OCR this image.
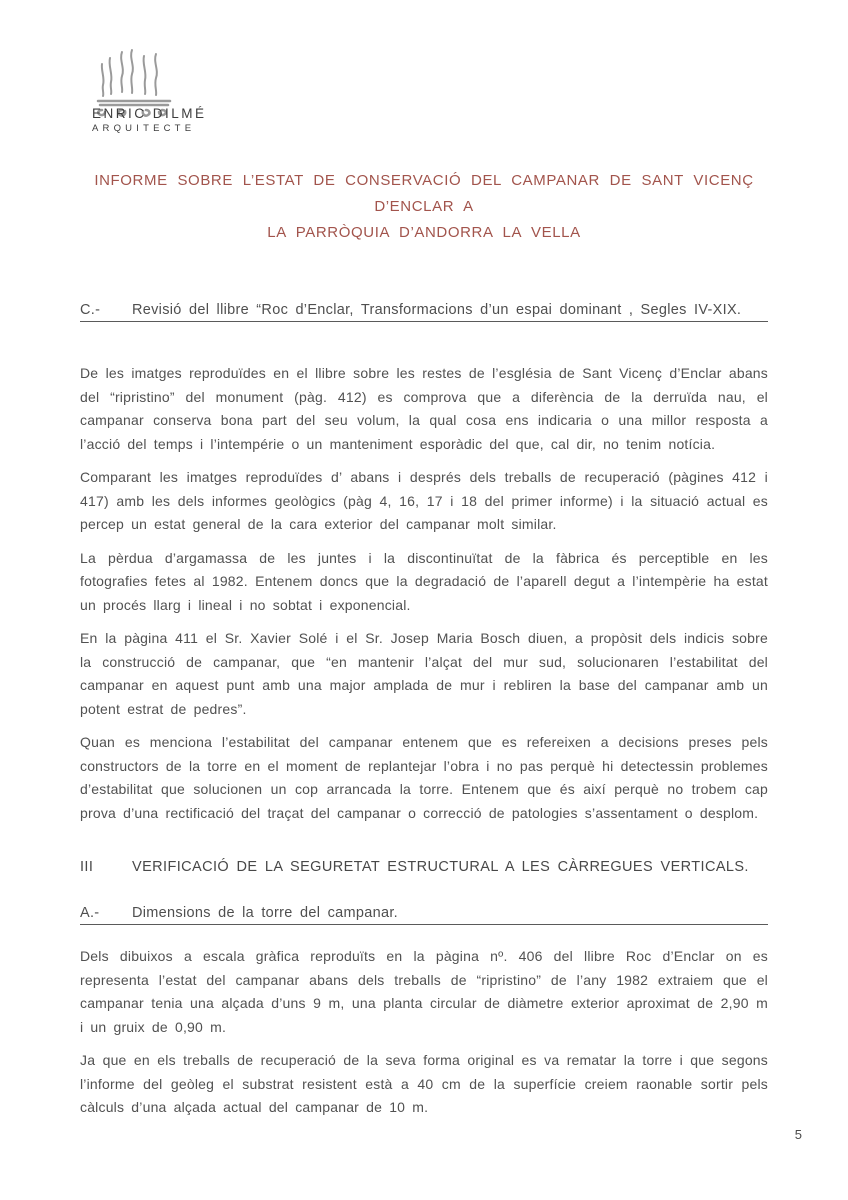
ENRIC DILMÉ
ARQUITECTE
INFORME SOBRE L’ESTAT DE CONSERVACIÓ DEL CAMPANAR DE SANT VICENÇ D’ENCLAR A
LA PARRÒQUIA D’ANDORRA LA VELLA
C.-	Revisió del llibre “Roc d’Enclar, Transformacions d’un espai dominant , Segles IV-XIX.

De les imatges reproduïdes en el llibre sobre les restes de l’església de Sant Vicenç d’Enclar abans del “ripristino” del monument (pàg. 412) es comprova que a diferència de la derruïda nau, el campanar conserva bona part del seu volum, la qual cosa ens indicaria o una millor resposta a l’acció del temps i l’intempérie o un manteniment esporàdic del que, cal dir, no tenim notícia.

Comparant les imatges reproduïdes d’ abans i després dels treballs de recuperació (pàgines 412 i 417) amb les dels informes geològics (pàg 4, 16, 17 i 18 del primer informe) i la situació actual es percep un estat general de la cara exterior del campanar molt similar.

La pèrdua d’argamassa de les juntes i la discontinuïtat de la fàbrica és perceptible en les fotografies fetes al 1982. Entenem doncs que la degradació de l’aparell degut a l’intempèrie ha estat un procés llarg i lineal i no sobtat i exponencial.

En la pàgina 411 el Sr. Xavier Solé i el Sr. Josep Maria Bosch diuen, a propòsit dels indicis sobre la construcció de campanar, que “en mantenir l’alçat del mur sud, solucionaren l’estabilitat del campanar en aquest punt amb una major amplada de mur i rebliren la base del campanar amb un potent estrat de pedres”.

Quan es menciona l’estabilitat del campanar entenem que es refereixen a decisions preses pels constructors de la torre en el moment de replantejar l’obra i no pas perquè hi detectessin problemes d’estabilitat que solucionen un cop arrancada la torre. Entenem que és així perquè no trobem cap prova d’una rectificació del traçat del campanar o correcció de patologies s’assentament o desplom.

III	VERIFICACIÓ DE LA SEGURETAT ESTRUCTURAL A LES CÀRREGUES VERTICALS.
A.-	Dimensions de la torre del campanar.

Dels dibuixos a escala gràfica reproduïts en la pàgina nº. 406 del llibre Roc d’Enclar on es representa l’estat del campanar abans dels treballs de “ripristino” de l’any 1982 extraiem que el campanar tenia una alçada d’uns 9 m, una planta circular de diàmetre exterior aproximat de 2,90 m i un gruix de 0,90 m.

Ja que en els treballs de recuperació de la seva forma original es va rematar la torre i que segons l’informe del geòleg el substrat resistent està a 40 cm de la superfície creiem raonable sortir pels càlculs d’una alçada actual del campanar de 10 m.

5
